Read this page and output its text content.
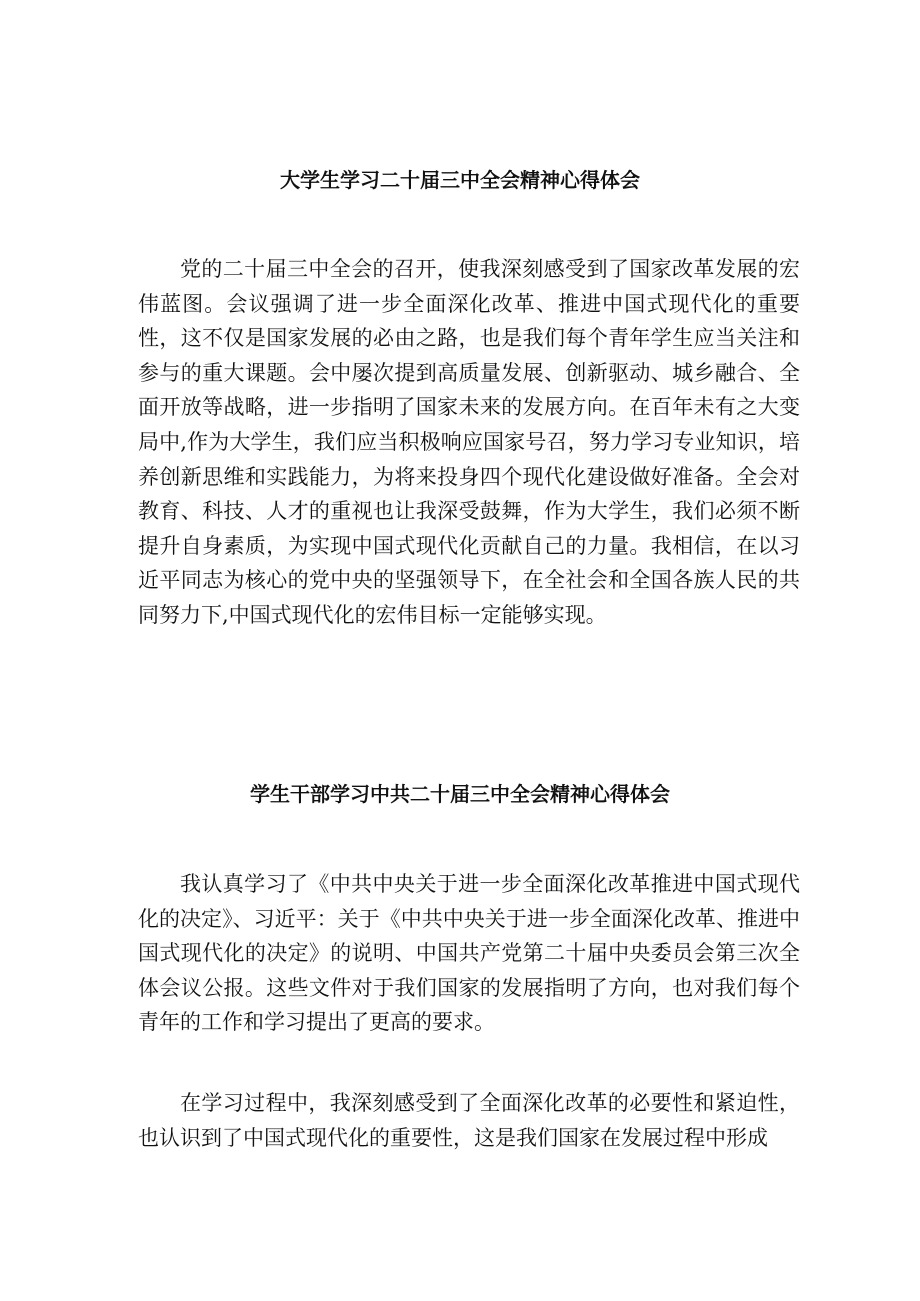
大学生学习二十届三中全会精神心得体会

党的二十届三中全会的召开，使我深刻感受到了国家改革发展的宏伟蓝图。会议强调了进一步全面深化改革、推进中国式现代化的重要性，这不仅是国家发展的必由之路，也是我们每个青年学生应当关注和参与的重大课题。会中屡次提到高质量发展、创新驱动、城乡融合、全面开放等战略，进一步指明了国家未来的发展方向。在百年未有之大变局中,作为大学生，我们应当积极响应国家号召，努力学习专业知识，培养创新思维和实践能力，为将来投身四个现代化建设做好准备。全会对教育、科技、人才的重视也让我深受鼓舞，作为大学生，我们必须不断提升自身素质，为实现中国式现代化贡献自己的力量。我相信，在以习近平同志为核心的党中央的坚强领导下，在全社会和全国各族人民的共同努力下,中国式现代化的宏伟目标一定能够实现。

学生干部学习中共二十届三中全会精神心得体会

我认真学习了《中共中央关于进一步全面深化改革推进中国式现代化的决定》、习近平：关于《中共中央关于进一步全面深化改革、推进中国式现代化的决定》的说明、中国共产党第二十届中央委员会第三次全体会议公报。这些文件对于我们国家的发展指明了方向，也对我们每个青年的工作和学习提出了更高的要求。

在学习过程中，我深刻感受到了全面深化改革的必要性和紧迫性，也认识到了中国式现代化的重要性，这是我们国家在发展过程中形成
